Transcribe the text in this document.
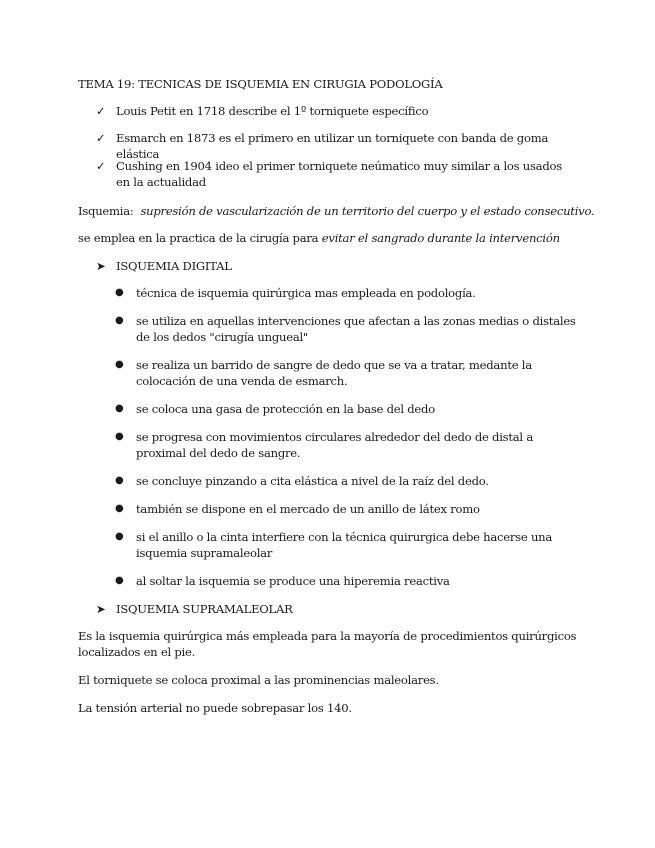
TEMA 19: TECNICAS DE ISQUEMIA EN CIRUGIA PODOLOGÍA
✓ Louis Petit en 1718 describe el 1º torniquete específico
✓ Esmarch en 1873 es el primero en utilizar un torniquete con banda de goma elástica
✓ Cushing en 1904 ideo el primer torniquete neúmatico muy similar a los usados en la actualidad
Isquemia: supresión de vascularización de un territorio del cuerpo y el estado consecutivo.
se emplea en la practica de la cirugía para evitar el sangrado durante la intervención
➤ ISQUEMIA DIGITAL
● técnica de isquemia quirúrgica mas empleada en podología.
● se utiliza en aquellas intervenciones que afectan a las zonas medias o distales de los dedos "cirugía ungueal"
● se realiza un barrido de sangre de dedo que se va a tratar, medante la colocación de una venda de esmarch.
● se coloca una gasa de protección en la base del dedo
● se progresa con movimientos circulares alrededor del dedo de distal a proximal del dedo de sangre.
● se concluye pinzando a cita elástica a nivel de la raíz del dedo.
● también se dispone en el mercado de un anillo de látex romo
● si el anillo o la cinta interfiere con la técnica quirurgica debe hacerse una isquemia supramaleolar
● al soltar la isquemia se produce una hiperemia reactiva
➤ ISQUEMIA SUPRAMALEOLAR
Es la isquemia quirúrgica más empleada para la mayoría de procedimientos quirúrgicos localizados en el pie.
El torniquete se coloca proximal a las prominencias maleolares.
La tensión arterial no puede sobrepasar los 140.
